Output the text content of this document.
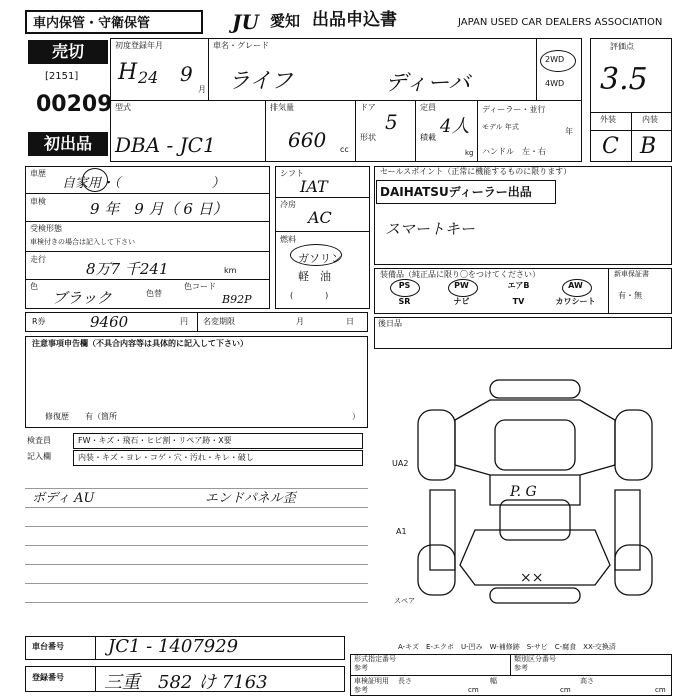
車内保管・守衛保管	JU 愛知 出品申込書	JAPAN USED CAR DEALERS ASSOCIATION
売切
[2151]
00209
初出品
初度登録年月
H 24 9
月
車名・グレード
ライフ	ディーバ
2WD
4WD
型式
DBA - JC1
排気量
660 cc
ドア
5
形状
定員
4人
積載
kg
ディーラー・並行
モデル 年式	年
ハンドル　左・右
評価点
3.5
外装	内装
C B
車歴
自家用・（　　　　　　　）
車検	9 年　9 月（ 6 日）
受検形態
車検付きの場合は記入して下さい
走行
8万7 千241	km
色
ブラック	色替
色コード
B92P
シフト
IAT
冷房
AC
燃料
ガソリン 軽　油
(　　　　)
セールスポイント（正常に機能するものに限ります）
DAIHATSUディーラー出品
スマートキー
装備品（純正品に限り〇をつけてください）
PS	PW	エアB	AW
SR	ナビ	TV	カワシート
新車保証書
有・無
R券	9460	円 名変期限	月	日	後日品
注意事項申告欄（不具合内容等は具体的に記入して下さい）
修復歴　　有（箇所	）
検査員
記入欄
FW・キズ・飛石・ヒビ割・リペア跡・X要
内装・キズ・ヨレ・コゲ・穴・汚れ・キレ・破し
ボディ AU	エンドパネル歪
UA2
A1
P. G
××
スペア
A-キズ　E-エクボ　U-凹み　W-補修跡　S-サビ　C-腐食　XX-交換済
車台番号 JC1 - 1407929
登録番号 三重　582 け 7163
形式指定番号
参考
類別区分番号
参考
車検証明用
参考
長さ
cm
幅
cm
高さ
cm
